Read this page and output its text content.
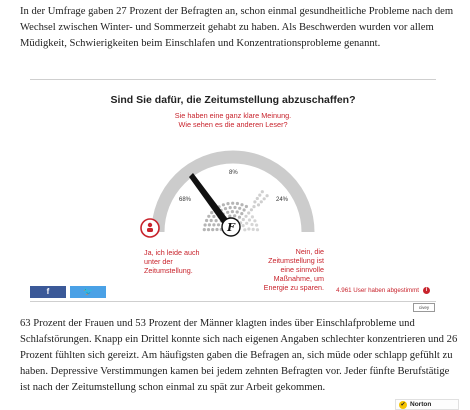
In der Umfrage gaben 27 Prozent der Befragten an, schon einmal gesundheitliche Probleme nach dem Wechsel zwischen Winter- und Sommerzeit gehabt zu haben. Als Beschwerden wurden vor allem Müdigkeit, Schwierigkeiten beim Einschlafen und Konzentrationsprobleme genannt.

Sind Sie dafür, die Zeitumstellung abzuschaffen?
Sie haben eine ganz klare Meinung.
Wie sehen es die anderen Leser?
68%
8%
24%
F
Ja, ich leide auch
unter der
Zeitumstellung.
Nein, die
Zeitumstellung ist
eine sinnvolle
Maßnahme, um
Energie zu sparen. 4.961 User haben abgestimmt	i
f	🐦
civey

63 Prozent der Frauen und 53 Prozent der Männer klagten indes über Einschlafprobleme und Schlafstörungen. Knapp ein Drittel konnte sich nach eigenen Angaben schlechter konzentrieren und 26 Prozent fühlten sich gereizt. Am häufigsten gaben die Befragen an, sich müde oder schlapp gefühlt zu haben. Depressive Verstimmungen kamen bei jedem zehnten Befragten vor. Jeder fünfte Berufstätige ist nach der Zeitumstellung schon einmal zu spät zur Arbeit gekommen.

✔ Norton
